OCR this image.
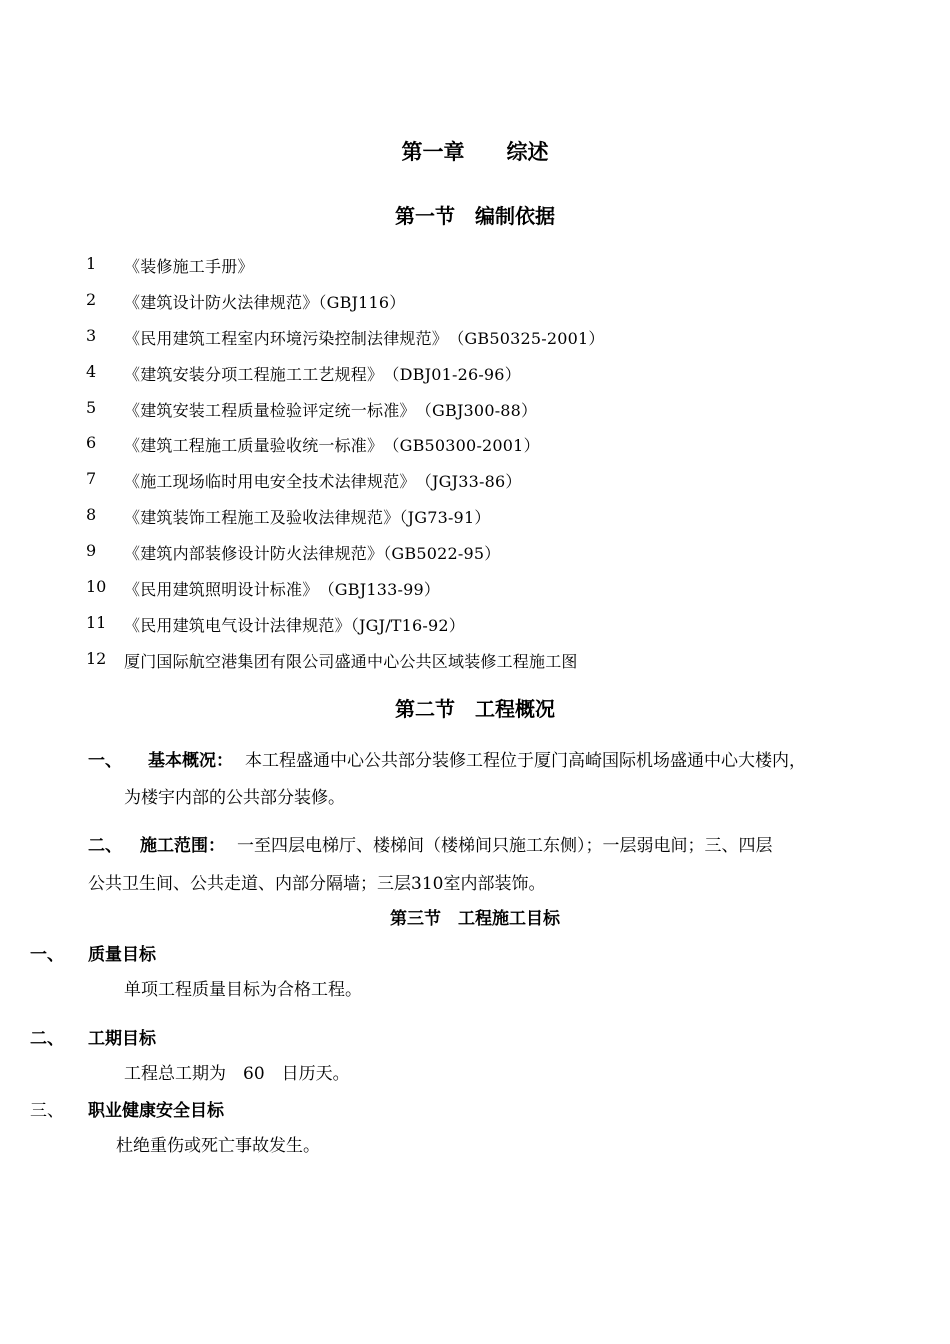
第一章　　综述
第一节　编制依据
1 《装修施工手册》
2 《建筑设计防火法律规范》（GBJ116）
3 《民用建筑工程室内环境污染控制法律规范》　（GB50325-2001）
4 《建筑安装分项工程施工工艺规程》　（DBJ01-26-96）
5 《建筑安装工程质量检验评定统一标准》　（GBJ300-88）
6 《建筑工程施工质量验收统一标准》　（GB50300-2001）
7 《施工现场临时用电安全技术法律规范》　（JGJ33-86）
8 《建筑装饰工程施工及验收法律规范》（JG73-91）
9 《建筑内部装修设计防火法律规范》（GB5022-95）
10 《民用建筑照明设计标准》　（GBJ133-99）
11 《民用建筑电气设计法律规范》（JGJ/T16-92）
12 厦门国际航空港集团有限公司盛通中心公共区域装修工程施工图
第二节　工程概况
一、 基本概况： 本工程盛通中心公共部分装修工程位于厦门高崎国际机场盛通中心大楼内，
为楼宇内部的公共部分装修。
二、 施工范围： 一至四层电梯厅、楼梯间（楼梯间只施工东侧）；一层弱电间；三、四层
公共卫生间、公共走道、内部分隔墙；三层310室内部装饰。
第三节　工程施工目标
一、 质量目标
单项工程质量目标为合格工程。
二、 工期目标
工程总工期为　60　日历天。
三、 职业健康安全目标
杜绝重伤或死亡事故发生。
